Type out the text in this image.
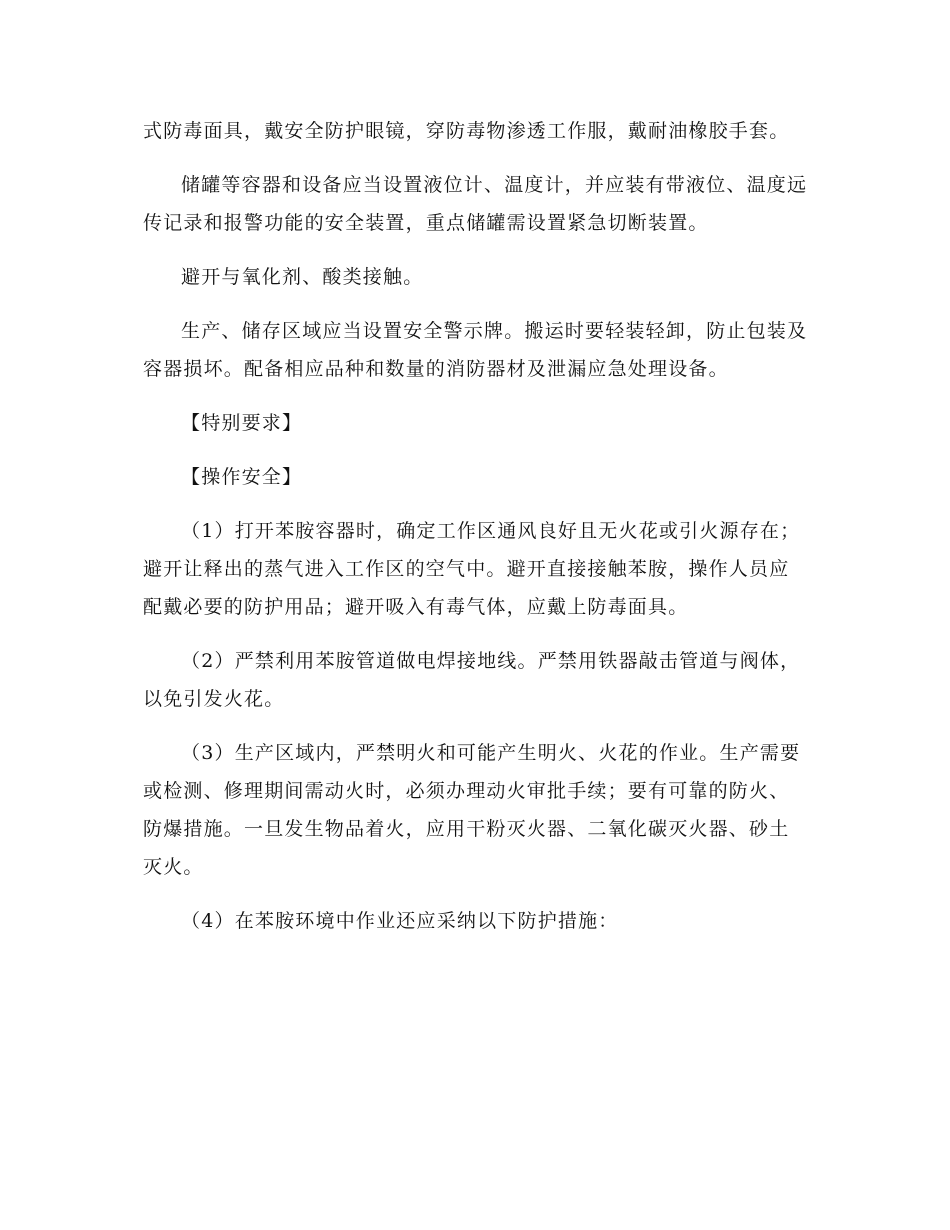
式防毒面具，戴安全防护眼镜，穿防毒物渗透工作服，戴耐油橡胶手套。

储罐等容器和设备应当设置液位计、温度计，并应装有带液位、温度远传记录和报警功能的安全装置，重点储罐需设置紧急切断装置。

避开与氧化剂、酸类接触。

生产、储存区域应当设置安全警示牌。搬运时要轻装轻卸，防止包装及容器损坏。配备相应品种和数量的消防器材及泄漏应急处理设备。

【特别要求】

【操作安全】

（1）打开苯胺容器时，确定工作区通风良好且无火花或引火源存在；避开让释出的蒸气进入工作区的空气中。避开直接接触苯胺，操作人员应配戴必要的防护用品；避开吸入有毒气体，应戴上防毒面具。

（2）严禁利用苯胺管道做电焊接地线。严禁用铁器敲击管道与阀体，以免引发火花。

（3）生产区域内，严禁明火和可能产生明火、火花的作业。生产需要或检测、修理期间需动火时，必须办理动火审批手续；要有可靠的防火、防爆措施。一旦发生物品着火，应用干粉灭火器、二氧化碳灭火器、砂土灭火。

（4）在苯胺环境中作业还应采纳以下防护措施：
